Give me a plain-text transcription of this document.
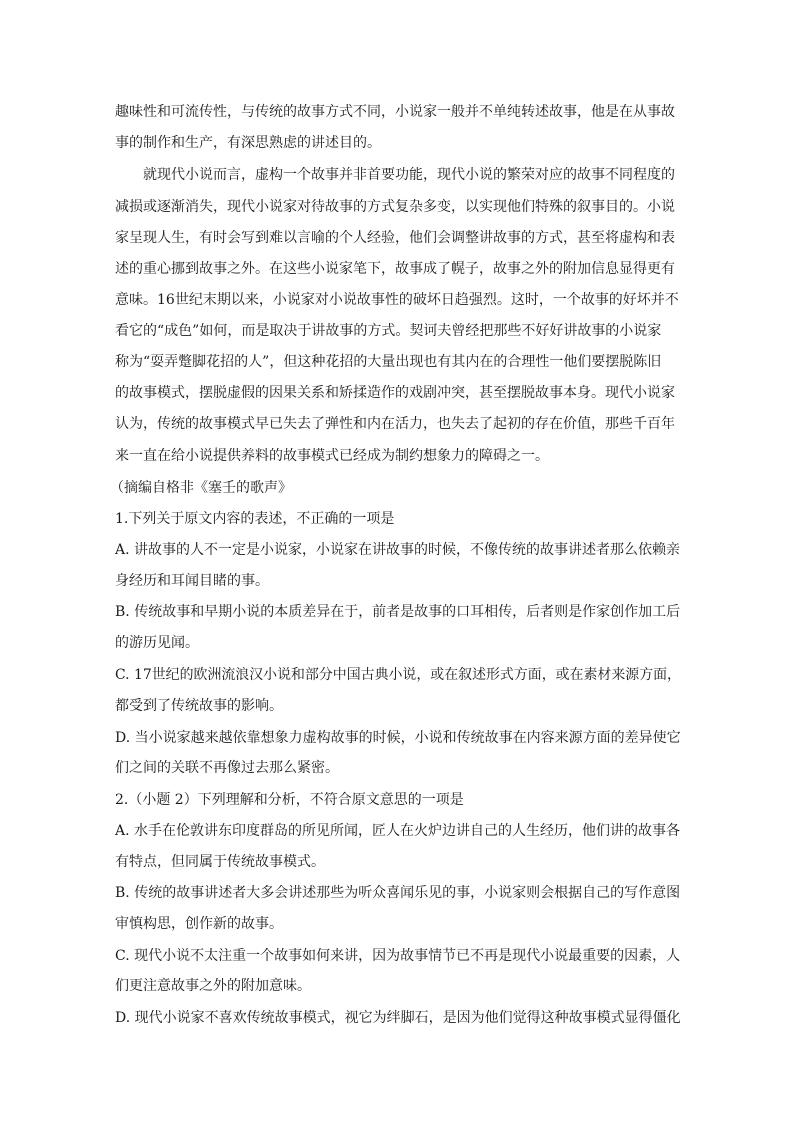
趣味性和可流传性，与传统的故事方式不同，小说家一般并不单纯转述故事，他是在从事故
事的制作和生产，有深思熟虑的讲述目的。
就现代小说而言，虚构一个故事并非首要功能，现代小说的繁荣对应的故事不同程度的
减损或逐渐消失，现代小说家对待故事的方式复杂多变，以实现他们特殊的叙事目的。小说
家呈现人生，有时会写到难以言喻的个人经验，他们会调整讲故事的方式，甚至将虚构和表
述的重心挪到故事之外。在这些小说家笔下，故事成了幌子，故事之外的附加信息显得更有
意味。16世纪末期以来，小说家对小说故事性的破坏日趋强烈。这时，一个故事的好坏并不
看它的“成色”如何，而是取决于讲故事的方式。契诃夫曾经把那些不好好讲故事的小说家
称为“耍弄蹩脚花招的人”，但这种花招的大量出现也有其内在的合理性一他们要摆脱陈旧
的故事模式，摆脱虚假的因果关系和矫揉造作的戏剧冲突，甚至摆脱故事本身。现代小说家
认为，传统的故事模式早已失去了弹性和内在活力，也失去了起初的存在价值，那些千百年
来一直在给小说提供养料的故事模式已经成为制约想象力的障碍之一。
（摘编自格非《塞壬的歌声》
1.下列关于原文内容的表述，不正确的一项是
A. 讲故事的人不一定是小说家，小说家在讲故事的时候，不像传统的故事讲述者那么依赖亲
身经历和耳闻目睹的事。
B. 传统故事和早期小说的本质差异在于，前者是故事的口耳相传，后者则是作家创作加工后
的游历见闻。
C. 17世纪的欧洲流浪汉小说和部分中国古典小说，或在叙述形式方面，或在素材来源方面，
都受到了传统故事的影响。
D. 当小说家越来越依靠想象力虚构故事的时候，小说和传统故事在内容来源方面的差异使它
们之间的关联不再像过去那么紧密。
2.（小题 2）下列理解和分析，不符合原文意思的一项是
A. 水手在伦敦讲东印度群岛的所见所闻，匠人在火炉边讲自己的人生经历，他们讲的故事各
有特点，但同属于传统故事模式。
B. 传统的故事讲述者大多会讲述那些为听众喜闻乐见的事，小说家则会根据自己的写作意图
审慎构思，创作新的故事。
C. 现代小说不太注重一个故事如何来讲，因为故事情节已不再是现代小说最重要的因素，人
们更注意故事之外的附加意味。
D. 现代小说家不喜欢传统故事模式，视它为绊脚石，是因为他们觉得这种故事模式显得僵化
